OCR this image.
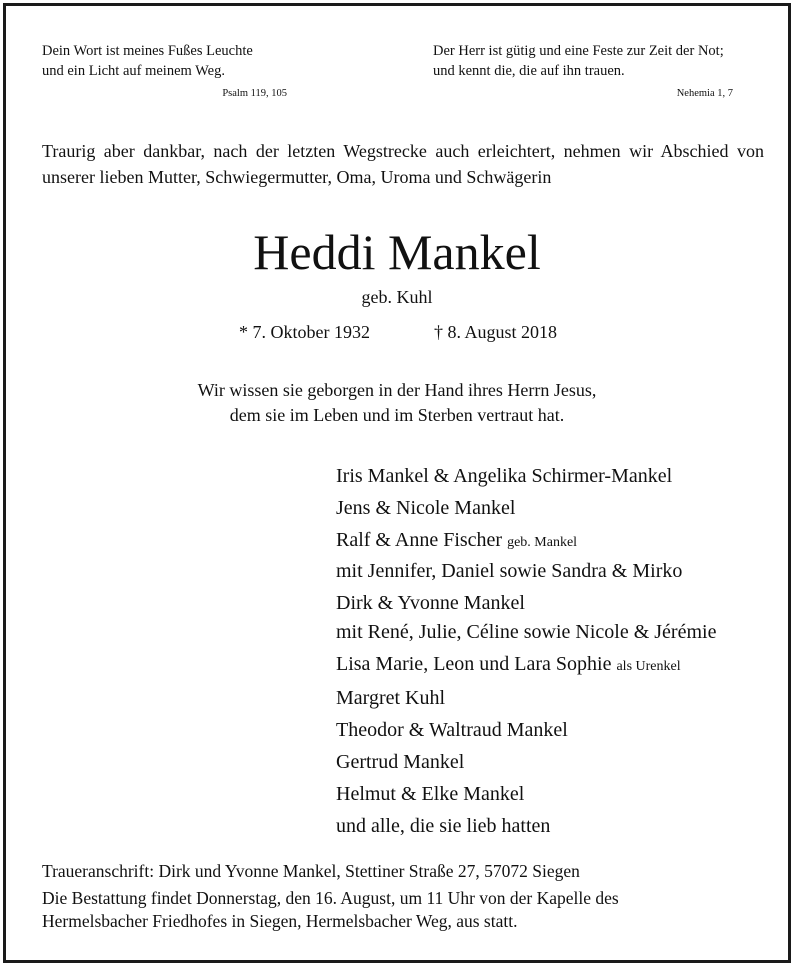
Dein Wort ist meines Fußes Leuchte
und ein Licht auf meinem Weg.
Psalm 119, 105
Der Herr ist gütig und eine Feste zur Zeit der Not;
und kennt die, die auf ihn trauen.
Nehemia 1, 7
Traurig aber dankbar, nach der letzten Wegstrecke auch erleichtert, nehmen wir Abschied von unserer lieben Mutter, Schwiegermutter, Oma, Uroma und Schwägerin
Heddi Mankel
geb. Kuhl
* 7. Oktober 1932	† 8. August 2018
Wir wissen sie geborgen in der Hand ihres Herrn Jesus,
dem sie im Leben und im Sterben vertraut hat.
Iris Mankel & Angelika Schirmer-Mankel
Jens & Nicole Mankel
Ralf & Anne Fischer geb. Mankel
mit Jennifer, Daniel sowie Sandra & Mirko
Dirk & Yvonne Mankel
mit René, Julie, Céline sowie Nicole & Jérémie
Lisa Marie, Leon und Lara Sophie als Urenkel
Margret Kuhl
Theodor & Waltraud Mankel
Gertrud Mankel
Helmut & Elke Mankel
und alle, die sie lieb hatten
Traueranschrift: Dirk und Yvonne Mankel, Stettiner Straße 27, 57072 Siegen
Die Bestattung findet Donnerstag, den 16. August, um 11 Uhr von der Kapelle des
Hermelsbacher Friedhofes in Siegen, Hermelsbacher Weg, aus statt.
